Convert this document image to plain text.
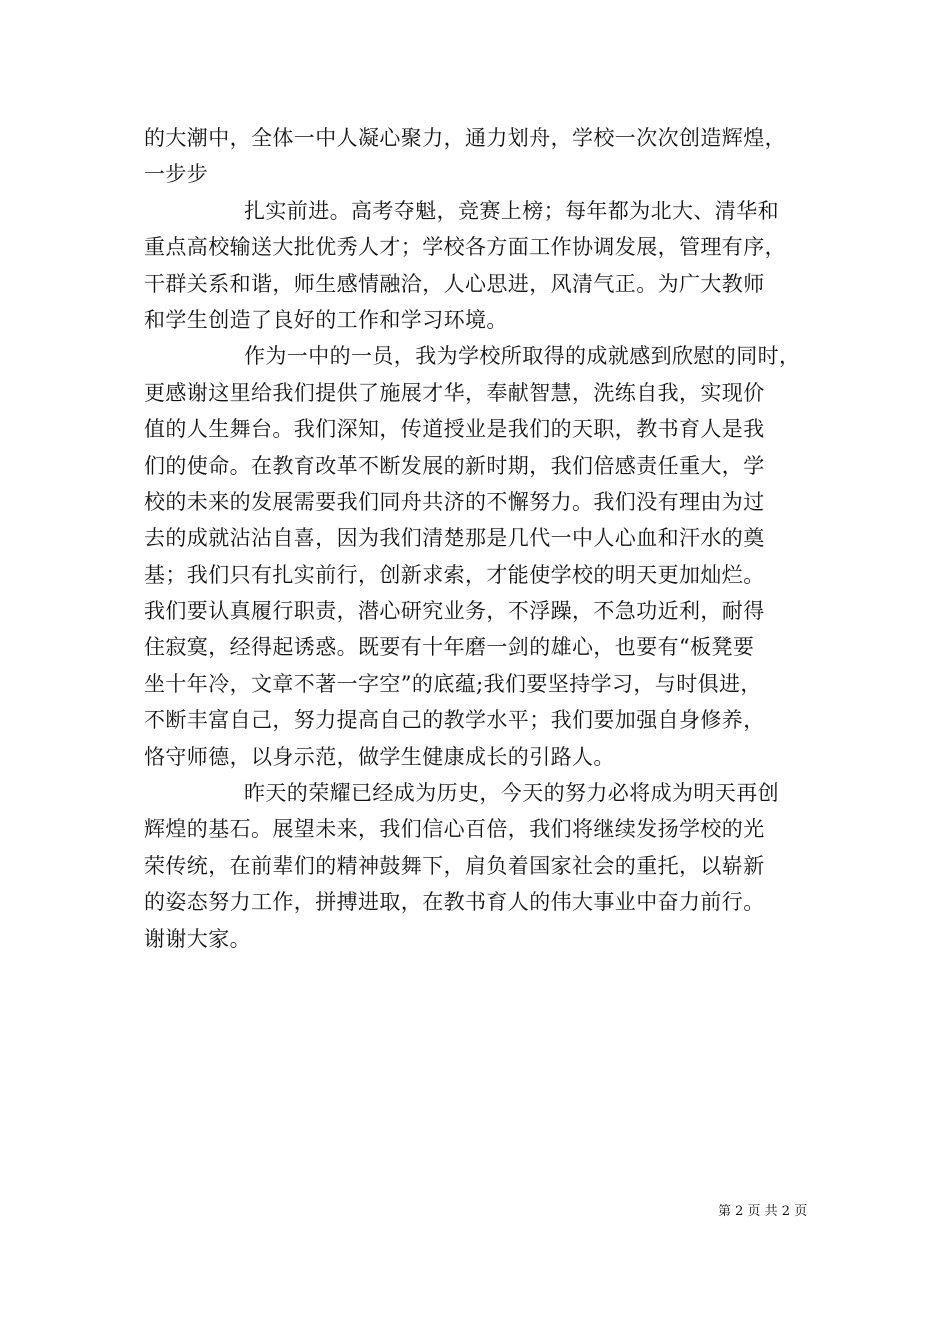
的大潮中，全体一中人凝心聚力，通力划舟，学校一次次创造辉煌，
一步步
扎实前进。高考夺魁，竞赛上榜；每年都为北大、清华和
重点高校输送大批优秀人才；学校各方面工作协调发展，管理有序，
干群关系和谐，师生感情融洽，人心思进，风清气正。为广大教师
和学生创造了良好的工作和学习环境。
作为一中的一员，我为学校所取得的成就感到欣慰的同时，
更感谢这里给我们提供了施展才华，奉献智慧，洗练自我，实现价
值的人生舞台。我们深知，传道授业是我们的天职，教书育人是我
们的使命。在教育改革不断发展的新时期，我们倍感责任重大，学
校的未来的发展需要我们同舟共济的不懈努力。我们没有理由为过
去的成就沾沾自喜，因为我们清楚那是几代一中人心血和汗水的奠
基；我们只有扎实前行，创新求索，才能使学校的明天更加灿烂。
我们要认真履行职责，潜心研究业务，不浮躁，不急功近利，耐得
住寂寞，经得起诱惑。既要有十年磨一剑的雄心，也要有“板凳要
坐十年冷，文章不著一字空”的底蕴;我们要坚持学习，与时俱进，
不断丰富自己，努力提高自己的教学水平；我们要加强自身修养，
恪守师德，以身示范，做学生健康成长的引路人。
昨天的荣耀已经成为历史，今天的努力必将成为明天再创
辉煌的基石。展望未来，我们信心百倍，我们将继续发扬学校的光
荣传统，在前辈们的精神鼓舞下，肩负着国家社会的重托，以崭新
的姿态努力工作，拼搏进取，在教书育人的伟大事业中奋力前行。
谢谢大家。
第 2 页 共 2 页
